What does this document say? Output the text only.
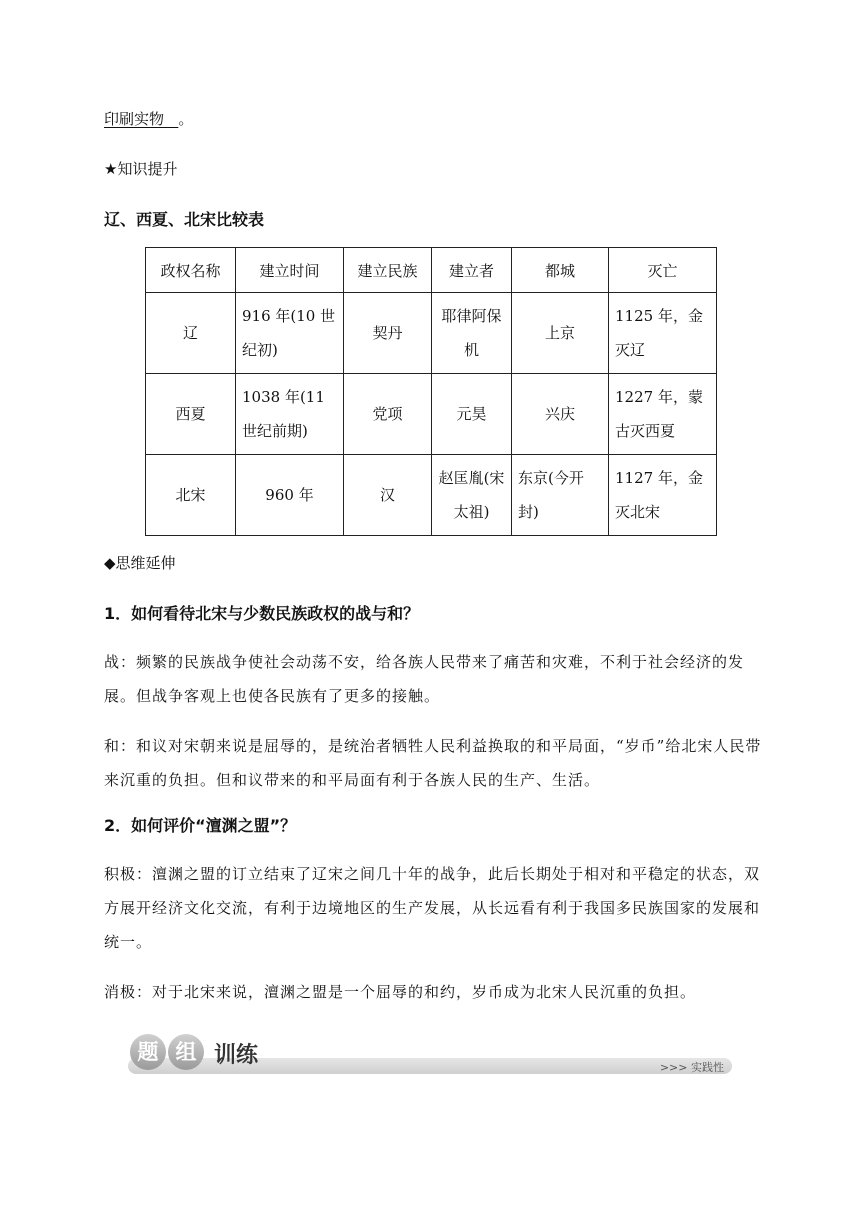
印刷实物 。
★知识提升
辽、西夏、北宋比较表
政权名称	建立时间	建立民族	建立者	都城	灭亡
辽	916 年(10 世纪初)	契丹	耶律阿保机	上京	1125 年，金灭辽
西夏	1038 年(11 世纪前期)	党项	元昊	兴庆	1227 年，蒙古灭西夏
北宋	960 年	汉	赵匡胤(宋太祖)	东京(今开封)	1127 年，金灭北宋
◆思维延伸
1．如何看待北宋与少数民族政权的战与和？
战：频繁的民族战争使社会动荡不安，给各族人民带来了痛苦和灾难，不利于社会经济的发展。但战争客观上也使各民族有了更多的接触。
和：和议对宋朝来说是屈辱的，是统治者牺牲人民利益换取的和平局面，“岁币”给北宋人民带来沉重的负担。但和议带来的和平局面有利于各族人民的生产、生活。
2．如何评价“澶渊之盟”？
积极：澶渊之盟的订立结束了辽宋之间几十年的战争，此后长期处于相对和平稳定的状态，双方展开经济文化交流，有利于边境地区的生产发展，从长远看有利于我国多民族国家的发展和统一。
消极：对于北宋来说，澶渊之盟是一个屈辱的和约，岁币成为北宋人民沉重的负担。
题 组 训练	>>> 实践性
